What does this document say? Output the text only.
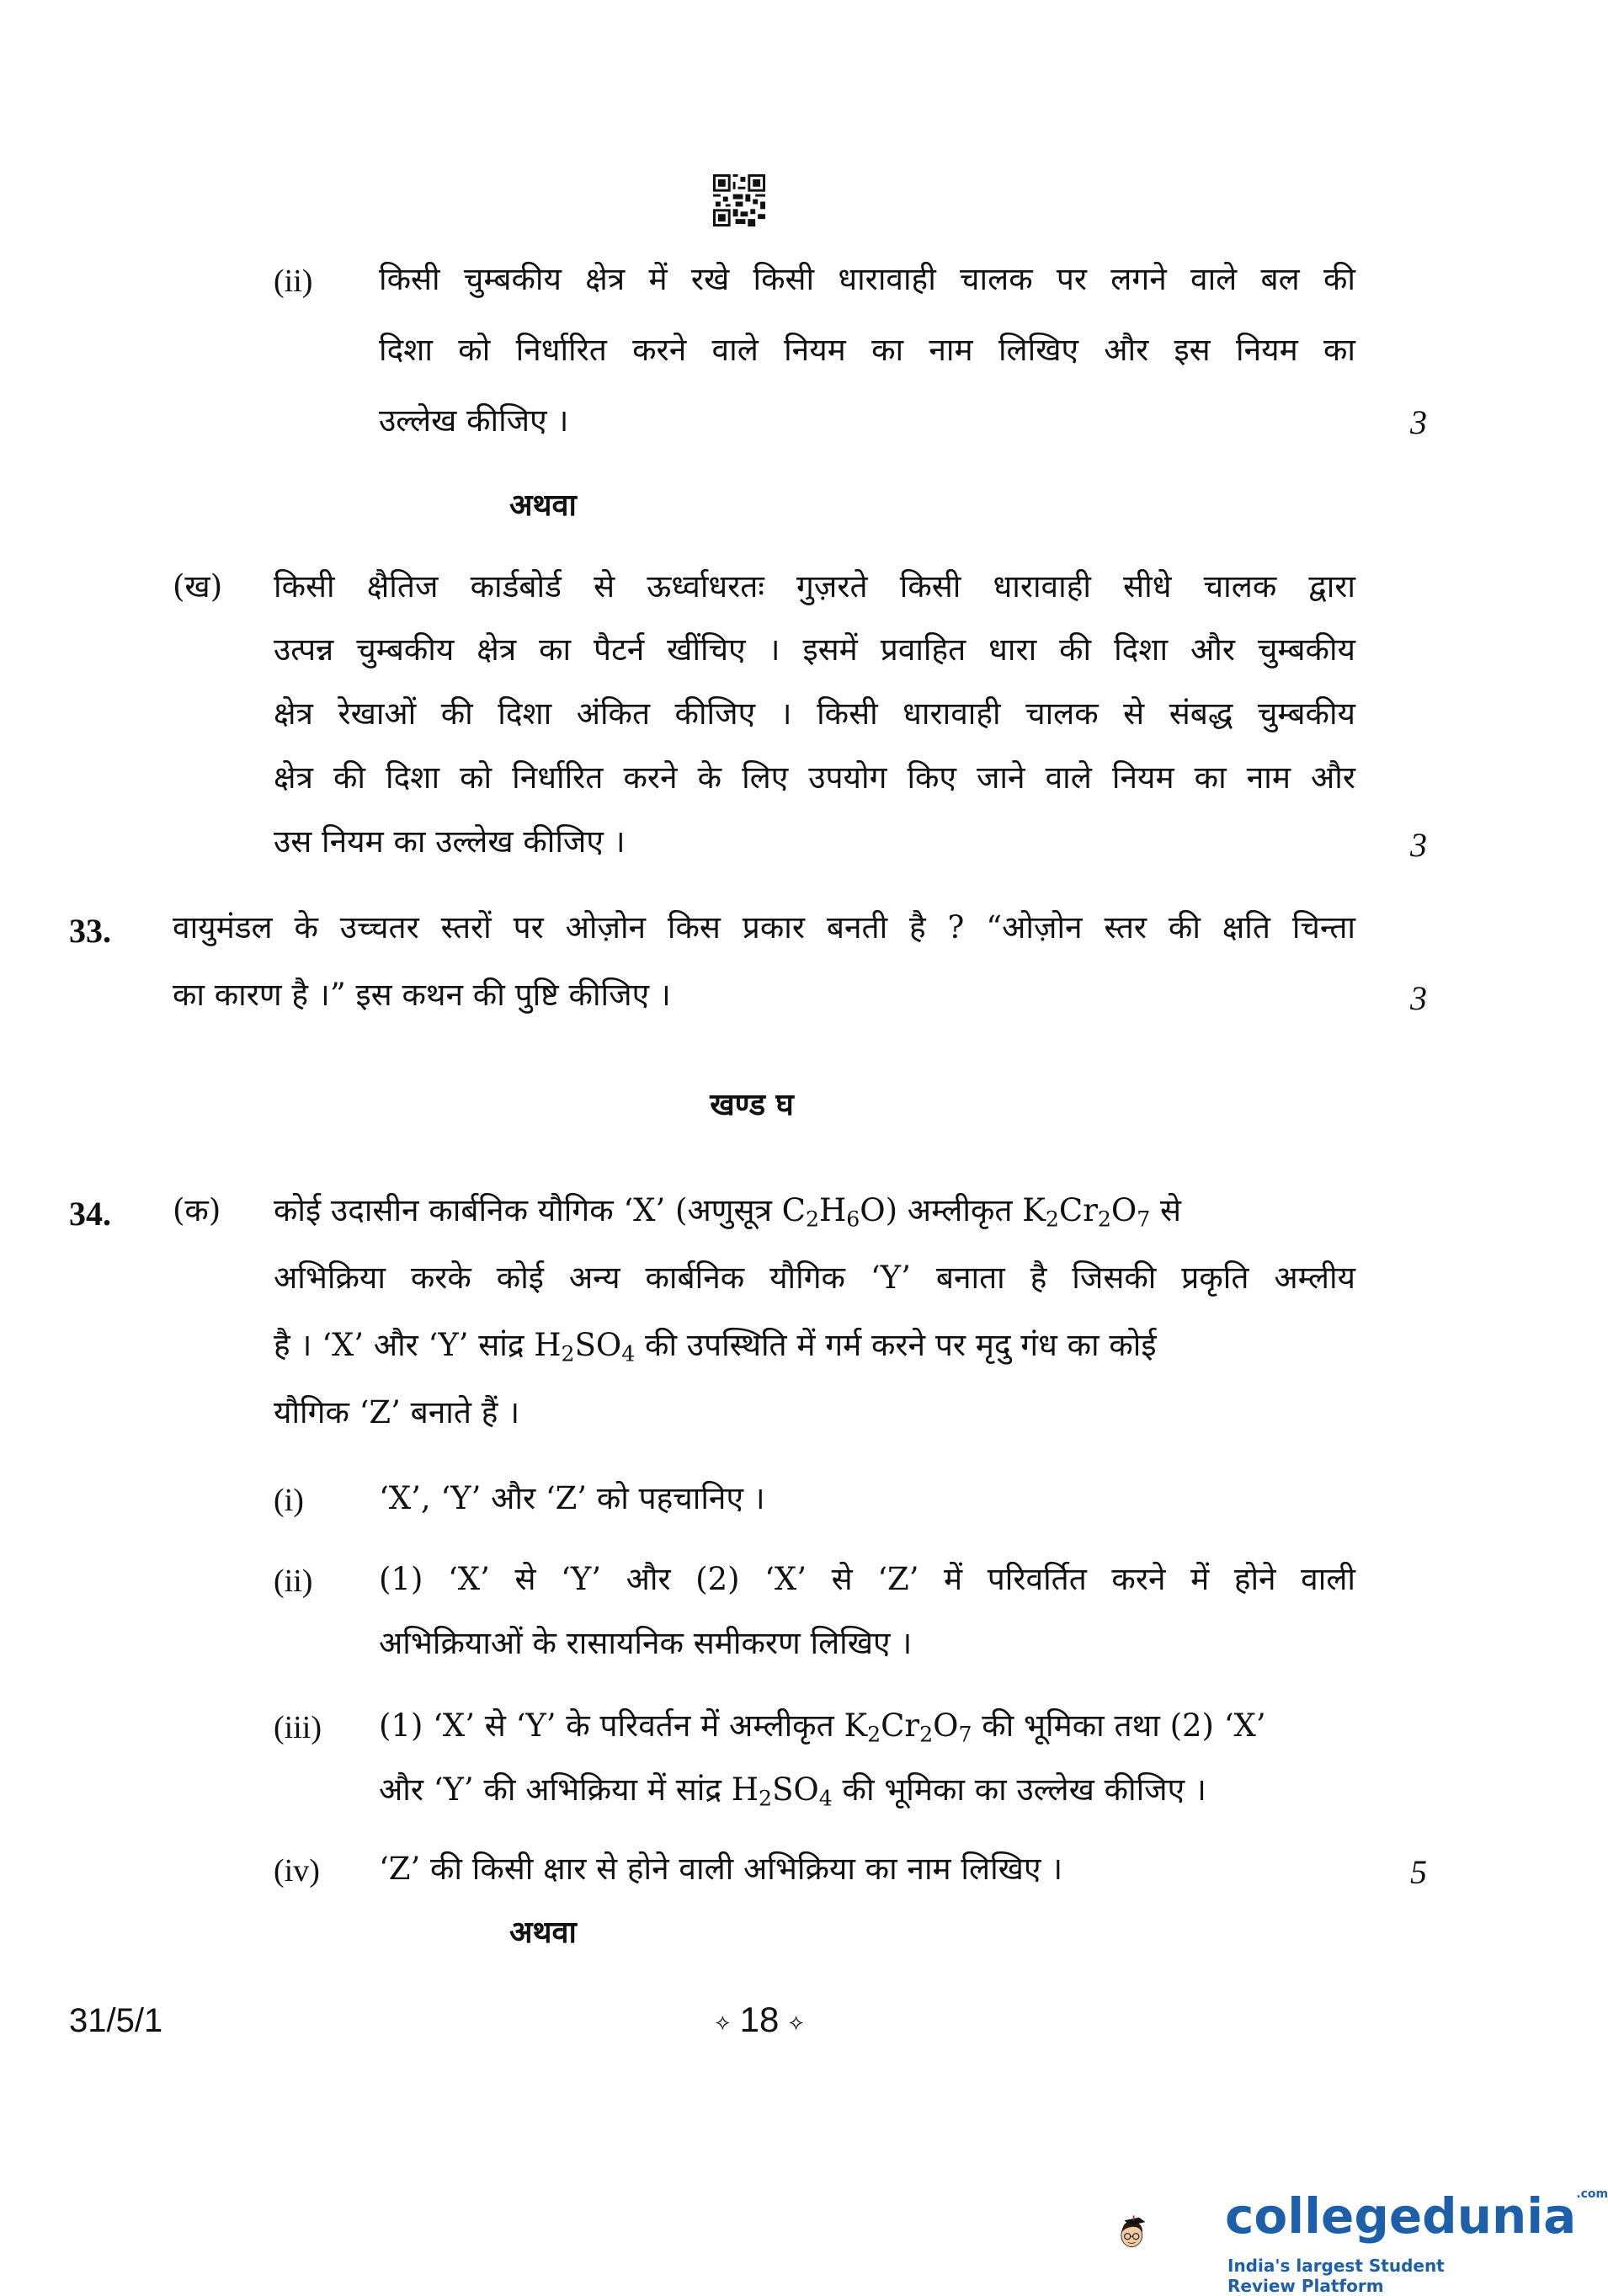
(ii) किसी चुम्बकीय क्षेत्र में रखे किसी धारावाही चालक पर लगने वाले बल की
दिशा को निर्धारित करने वाले नियम का नाम लिखिए और इस नियम का
उल्लेख कीजिए ।	3
अथवा
(ख) किसी क्षैतिज कार्डबोर्ड से ऊर्ध्वाधरतः गुज़रते किसी धारावाही सीधे चालक द्वारा
उत्पन्न चुम्बकीय क्षेत्र का पैटर्न खींचिए । इसमें प्रवाहित धारा की दिशा और चुम्बकीय
क्षेत्र रेखाओं की दिशा अंकित कीजिए । किसी धारावाही चालक से संबद्ध चुम्बकीय
क्षेत्र की दिशा को निर्धारित करने के लिए उपयोग किए जाने वाले नियम का नाम और
उस नियम का उल्लेख कीजिए ।	3
33. वायुमंडल के उच्चतर स्तरों पर ओज़ोन किस प्रकार बनती है ? “ओज़ोन स्तर की क्षति चिन्ता
का कारण है ।” इस कथन की पुष्टि कीजिए ।	3
खण्ड घ
34. (क) कोई उदासीन कार्बनिक यौगिक ‘X’ (अणुसूत्र $C_2H_6O$) अम्लीकृत $K_2Cr_2O_7$ से
अभिक्रिया करके कोई अन्य कार्बनिक यौगिक ‘Y’ बनाता है जिसकी प्रकृति अम्लीय
है । ‘X’ और ‘Y’ सांद्र $H_2SO_4$ की उपस्थिति में गर्म करने पर मृदु गंध का कोई
यौगिक ‘Z’ बनाते हैं ।
(i) ‘X’, ‘Y’ और ‘Z’ को पहचानिए ।
(ii) (1) ‘X’ से ‘Y’ और (2) ‘X’ से ‘Z’ में परिवर्तित करने में होने वाली
अभिक्रियाओं के रासायनिक समीकरण लिखिए ।
(iii) (1) ‘X’ से ‘Y’ के परिवर्तन में अम्लीकृत $K_2Cr_2O_7$ की भूमिका तथा (2) ‘X’
और ‘Y’ की अभिक्रिया में सांद्र $H_2SO_4$ की भूमिका का उल्लेख कीजिए ।
(iv) ‘Z’ की किसी क्षार से होने वाली अभिक्रिया का नाम लिखिए ।	5
अथवा
31/5/1	⟡ 18 ⟡
collegedunia$^{.com}$
India's largest Student Review Platform
